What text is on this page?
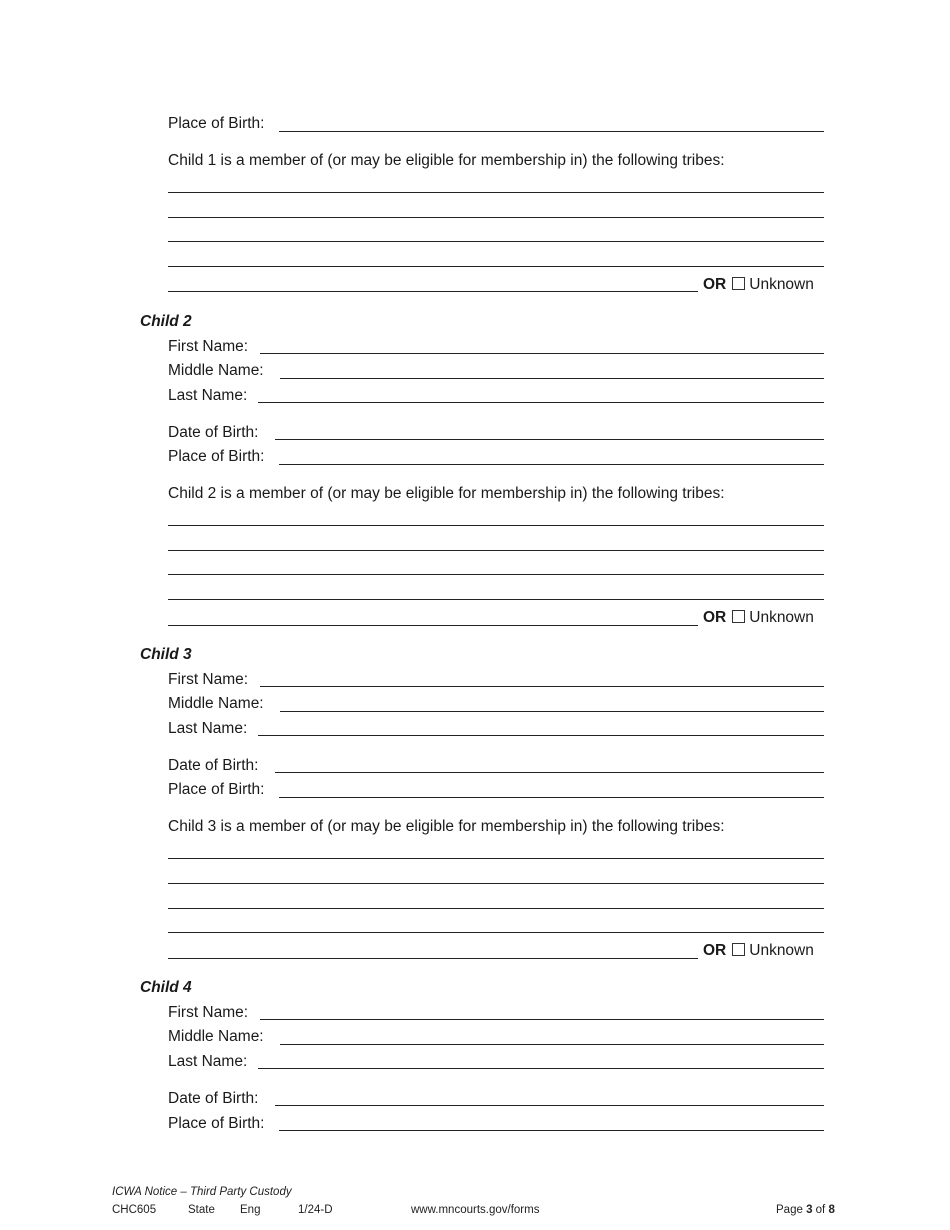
Place of Birth:
Child 1 is a member of (or may be eligible for membership in) the following tribes:
OR Unknown
Child 2
First Name:
Middle Name:
Last Name:
Date of Birth:
Place of Birth:
Child 2 is a member of (or may be eligible for membership in) the following tribes:
OR Unknown
Child 3
First Name:
Middle Name:
Last Name:
Date of Birth:
Place of Birth:
Child 3 is a member of (or may be eligible for membership in) the following tribes:
OR Unknown
Child 4
First Name:
Middle Name:
Last Name:
Date of Birth:
Place of Birth:
ICWA Notice – Third Party Custody
CHC605	State Eng	1/24-D	www.mncourts.gov/forms	Page 3 of 8
